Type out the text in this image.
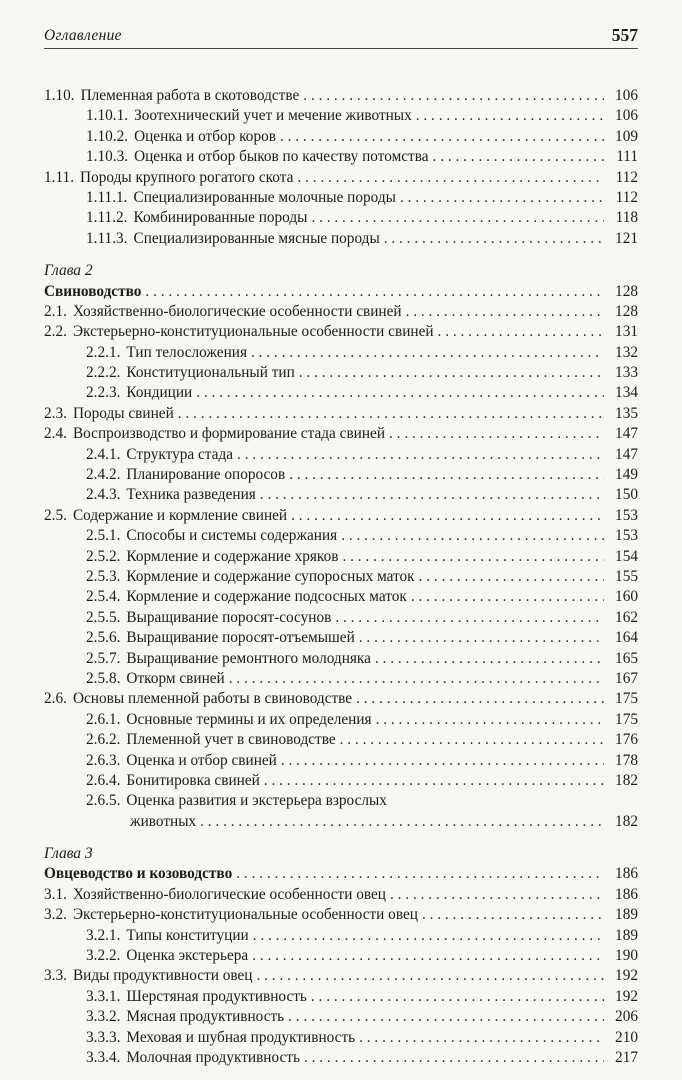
Оглавление	557
1.10. Племенная работа в скотоводстве . . .	106
1.10.1. Зоотехнический учет и мечение животных . . .	106
1.10.2. Оценка и отбор коров . . .	109
1.10.3. Оценка и отбор быков по качеству потомства . . .	111
1.11. Породы крупного рогатого скота . . .	112
1.11.1. Специализированные молочные породы . . .	112
1.11.2. Комбинированные породы . . .	118
1.11.3. Специализированные мясные породы . . .	121
Глава 2
Свиноводство . . .	128
2.1. Хозяйственно-биологические особенности свиней . . .	128
2.2. Экстерьерно-конституциональные особенности свиней . . .	131
2.2.1. Тип телосложения . . .	132
2.2.2. Конституциональный тип . . .	133
2.2.3. Кондиции . . .	134
2.3. Породы свиней . . .	135
2.4. Воспроизводство и формирование стада свиней . . .	147
2.4.1. Структура стада . . .	147
2.4.2. Планирование опоросов . . .	149
2.4.3. Техника разведения . . .	150
2.5. Содержание и кормление свиней . . .	153
2.5.1. Способы и системы содержания . . .	153
2.5.2. Кормление и содержание хряков . . .	154
2.5.3. Кормление и содержание супоросных маток . . .	155
2.5.4. Кормление и содержание подсосных маток . . .	160
2.5.5. Выращивание поросят-сосунов . . .	162
2.5.6. Выращивание поросят-отъемышей . . .	164
2.5.7. Выращивание ремонтного молодняка . . .	165
2.5.8. Откорм свиней . . .	167
2.6. Основы племенной работы в свиноводстве . . .	175
2.6.1. Основные термины и их определения . . .	175
2.6.2. Племенной учет в свиноводстве . . .	176
2.6.3. Оценка и отбор свиней . . .	178
2.6.4. Бонитировка свиней . . .	182
2.6.5. Оценка развития и экстерьера взрослых
животных . . .	182
Глава 3
Овцеводство и козоводство . . .	186
3.1. Хозяйственно-биологические особенности овец . . .	186
3.2. Экстерьерно-конституциональные особенности овец . . .	189
3.2.1. Типы конституции . . .	189
3.2.2. Оценка экстерьера . . .	190
3.3. Виды продуктивности овец . . .	192
3.3.1. Шерстяная продуктивность . . .	192
3.3.2. Мясная продуктивность . . .	206
3.3.3. Меховая и шубная продуктивность . . .	210
3.3.4. Молочная продуктивность . . .	217
